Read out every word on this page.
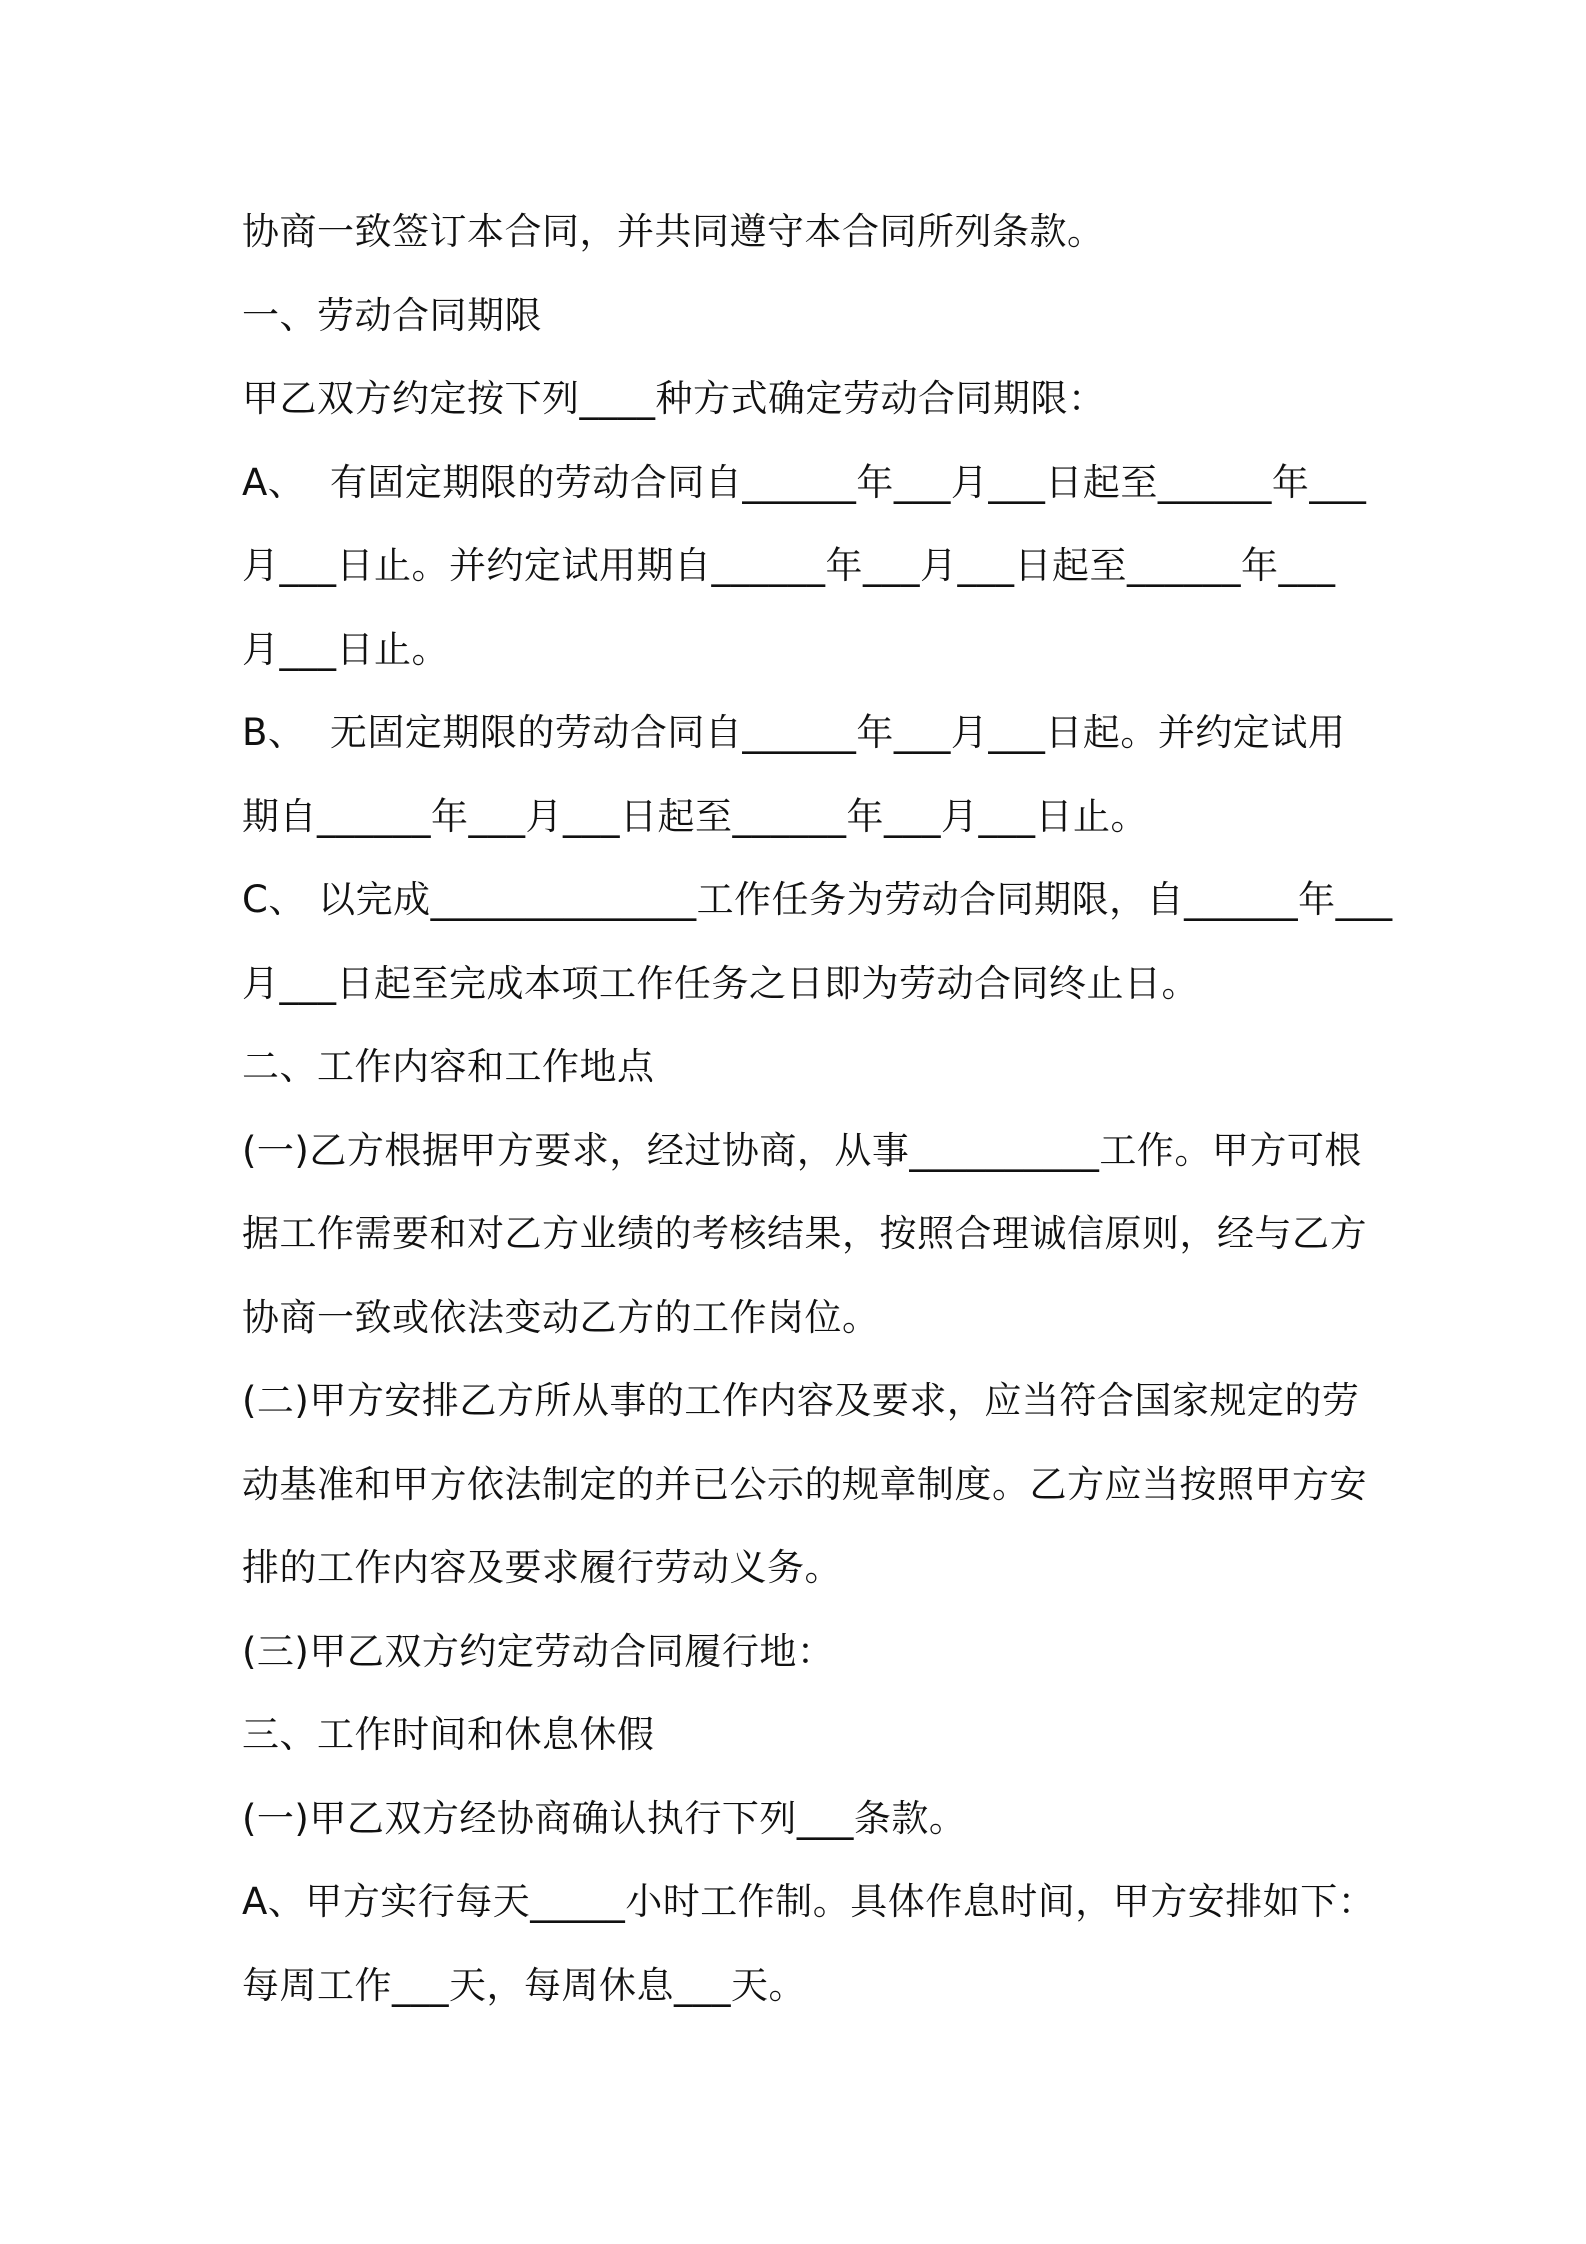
协商一致签订本合同，并共同遵守本合同所列条款。
一、劳动合同期限
甲乙双方约定按下列____种方式确定劳动合同期限：
A、  有固定期限的劳动合同自______年___月___日起至______年___
月___日止。并约定试用期自______年___月___日起至______年___
月___日止。
B、  无固定期限的劳动合同自______年___月___日起。并约定试用
期自______年___月___日起至______年___月___日止。
C、 以完成______________工作任务为劳动合同期限，自______年___
月___日起至完成本项工作任务之日即为劳动合同终止日。
二、工作内容和工作地点
(一)乙方根据甲方要求，经过协商，从事__________工作。甲方可根
据工作需要和对乙方业绩的考核结果，按照合理诚信原则，经与乙方
协商一致或依法变动乙方的工作岗位。
(二)甲方安排乙方所从事的工作内容及要求，应当符合国家规定的劳
动基准和甲方依法制定的并已公示的规章制度。乙方应当按照甲方安
排的工作内容及要求履行劳动义务。
(三)甲乙双方约定劳动合同履行地：
三、工作时间和休息休假
(一)甲乙双方经协商确认执行下列___条款。
A、甲方实行每天_____小时工作制。具体作息时间，甲方安排如下：
每周工作___天，每周休息___天。
